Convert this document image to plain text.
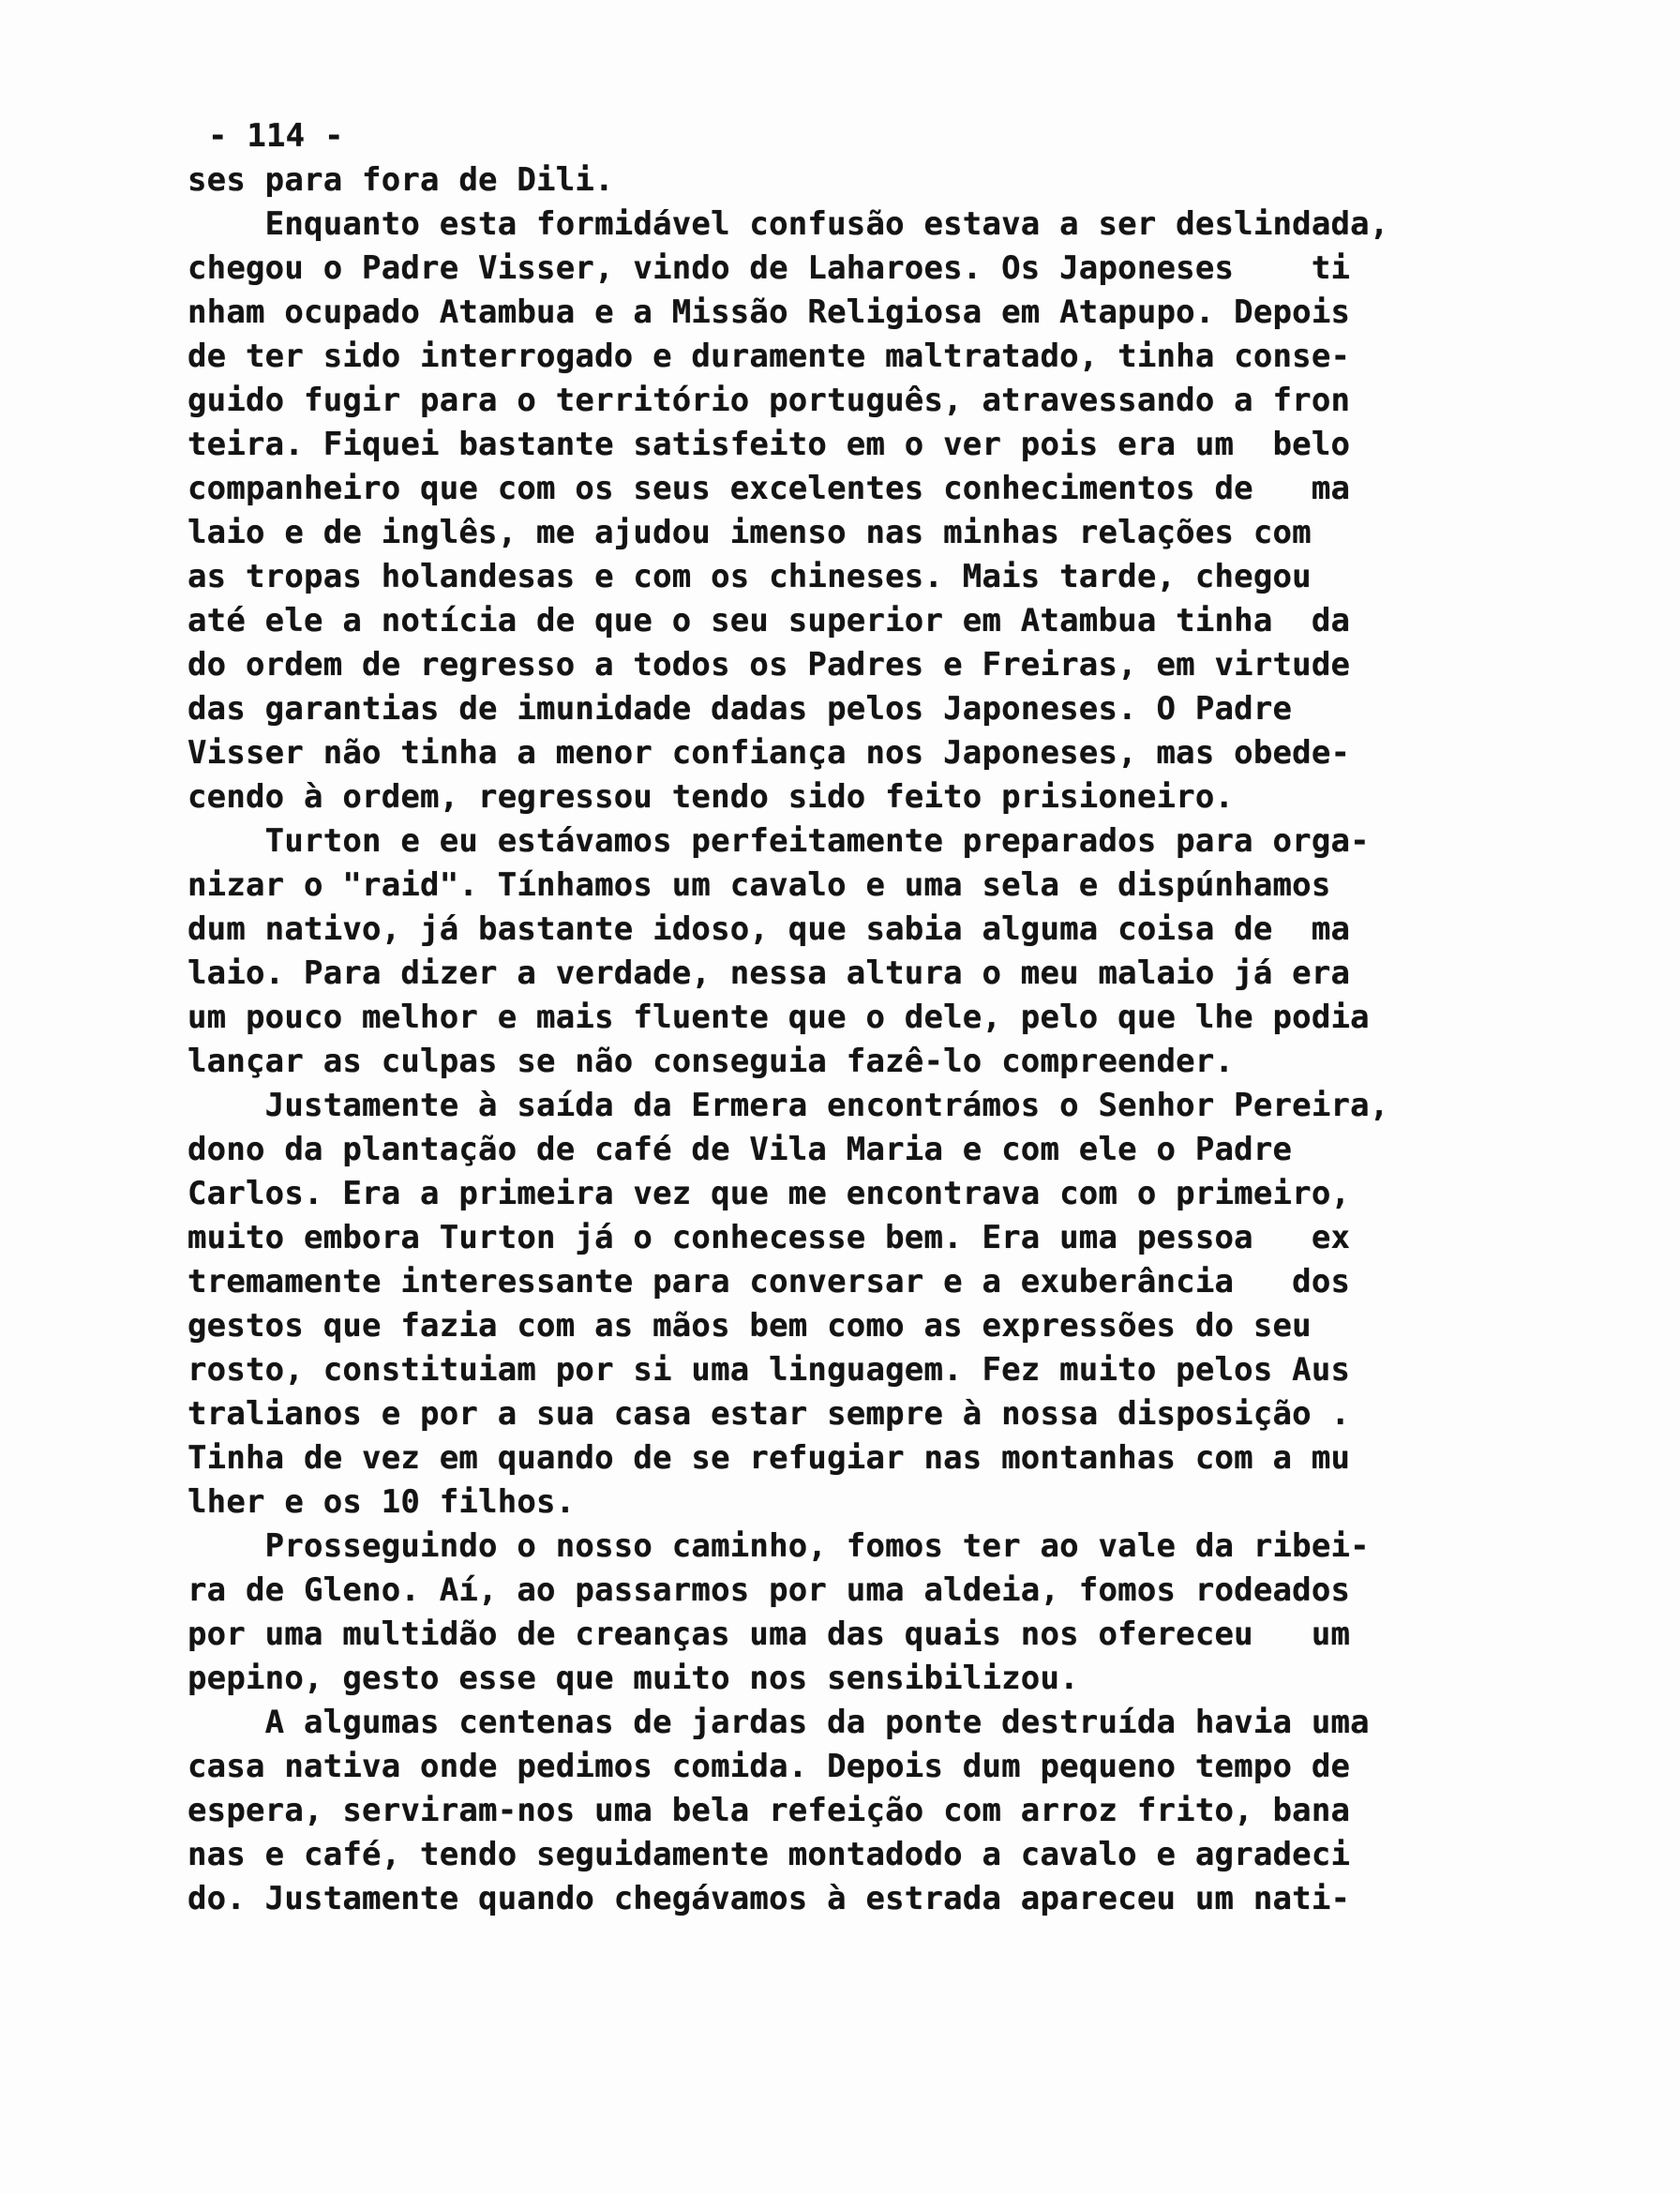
- 114 -
ses para fora de Dili.
Enquanto esta formidável confusão estava a ser deslindada,
chegou o Padre Visser, vindo de Laharoes. Os Japoneses    ti
nham ocupado Atambua e a Missão Religiosa em Atapupo. Depois
de ter sido interrogado e duramente maltratado, tinha conse-
guido fugir para o território português, atravessando a fron
teira. Fiquei bastante satisfeito em o ver pois era um  belo
companheiro que com os seus excelentes conhecimentos de   ma
laio e de inglês, me ajudou imenso nas minhas relações com
as tropas holandesas e com os chineses. Mais tarde, chegou
até ele a notícia de que o seu superior em Atambua tinha  da
do ordem de regresso a todos os Padres e Freiras, em virtude
das garantias de imunidade dadas pelos Japoneses. O Padre
Visser não tinha a menor confiança nos Japoneses, mas obede-
cendo à ordem, regressou tendo sido feito prisioneiro.
Turton e eu estávamos perfeitamente preparados para orga-
nizar o "raid". Tínhamos um cavalo e uma sela e dispúnhamos
dum nativo, já bastante idoso, que sabia alguma coisa de  ma
laio. Para dizer a verdade, nessa altura o meu malaio já era
um pouco melhor e mais fluente que o dele, pelo que lhe podia
lançar as culpas se não conseguia fazê-lo compreender.
Justamente à saída da Ermera encontrámos o Senhor Pereira,
dono da plantação de café de Vila Maria e com ele o Padre
Carlos. Era a primeira vez que me encontrava com o primeiro,
muito embora Turton já o conhecesse bem. Era uma pessoa   ex
tremamente interessante para conversar e a exuberância   dos
gestos que fazia com as mãos bem como as expressões do seu
rosto, constituiam por si uma linguagem. Fez muito pelos Aus
tralianos e por a sua casa estar sempre à nossa disposição .
Tinha de vez em quando de se refugiar nas montanhas com a mu
lher e os 10 filhos.
Prosseguindo o nosso caminho, fomos ter ao vale da ribei-
ra de Gleno. Aí, ao passarmos por uma aldeia, fomos rodeados
por uma multidão de creanças uma das quais nos ofereceu   um
pepino, gesto esse que muito nos sensibilizou.
A algumas centenas de jardas da ponte destruída havia uma
casa nativa onde pedimos comida. Depois dum pequeno tempo de
espera, serviram-nos uma bela refeição com arroz frito, bana
nas e café, tendo seguidamente montadodo a cavalo e agradeci
do. Justamente quando chegávamos à estrada apareceu um nati-
